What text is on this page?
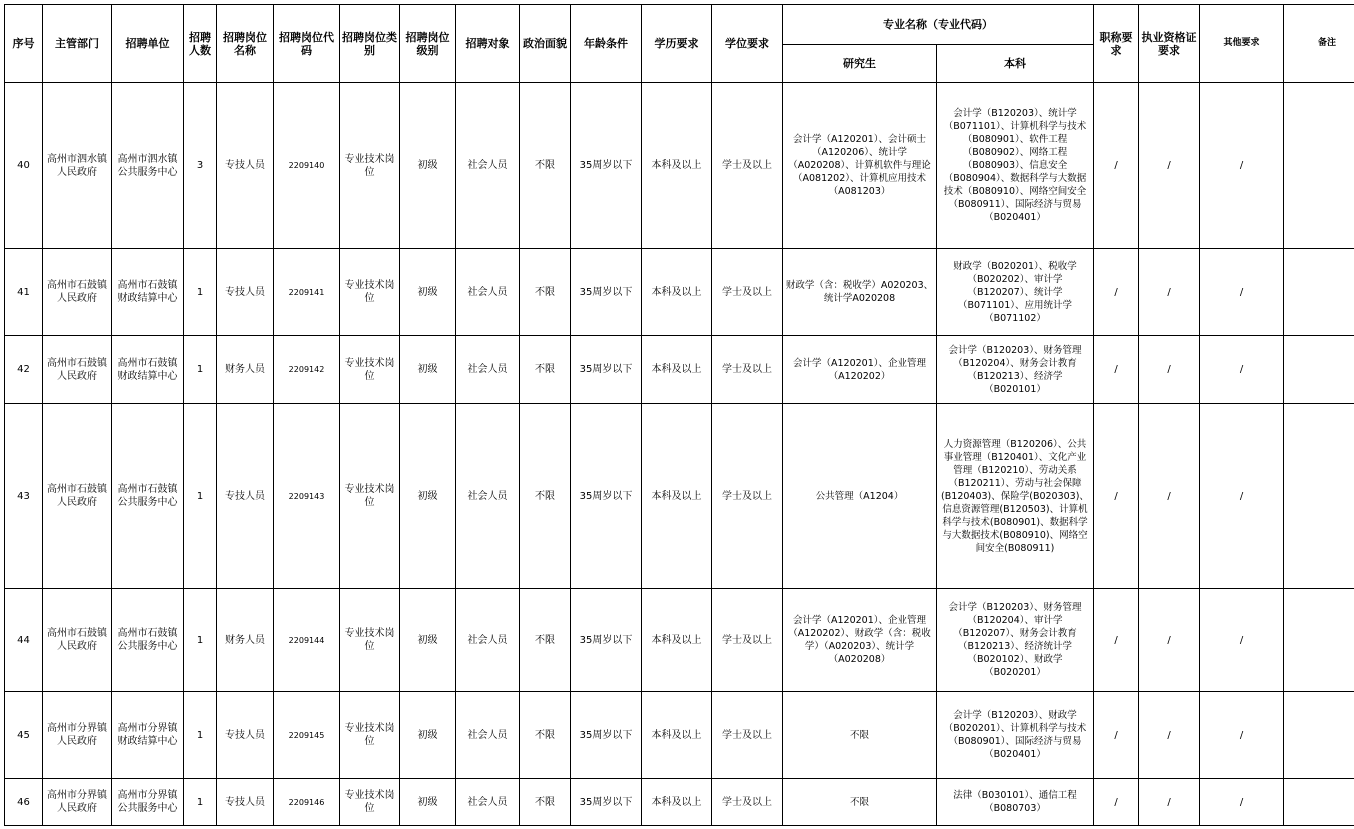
序号	主管部门	招聘单位	招聘人数	招聘岗位名称	招聘岗位代码	招聘岗位类别	招聘岗位级别	招聘对象	政治面貌	年龄条件	学历要求	学位要求	专业名称（专业代码）		职称要求	执业资格证要求	其他要求	备注
													研究生	本科				
40	高州市泗水镇人民政府	高州市泗水镇公共服务中心	3	专技人员	2209140	专业技术岗位	初级	社会人员	不限	35周岁以下	本科及以上	学士及以上	会计学（A120201）、会计硕士（A120206）、统计学（A020208）、计算机软件与理论（A081202）、计算机应用技术（A081203）	会计学（B120203）、统计学（B071101）、计算机科学与技术（B080901）、软件工程（B080902）、网络工程（B080903）、信息安全（B080904）、数据科学与大数据技术（B080910）、网络空间安全（B080911）、国际经济与贸易（B020401）	/	/	/	
41	高州市石鼓镇人民政府	高州市石鼓镇财政结算中心	1	专技人员	2209141	专业技术岗位	初级	社会人员	不限	35周岁以下	本科及以上	学士及以上	财政学（含：税收学）A020203、统计学A020208	财政学（B020201）、税收学（B020202）、审计学（B120207）、统计学（B071101）、应用统计学（B071102）	/	/	/	
42	高州市石鼓镇人民政府	高州市石鼓镇财政结算中心	1	财务人员	2209142	专业技术岗位	初级	社会人员	不限	35周岁以下	本科及以上	学士及以上	会计学（A120201）、企业管理（A120202）	会计学（B120203）、财务管理（B120204）、财务会计教育（B120213）、经济学（B020101）	/	/	/	
43	高州市石鼓镇人民政府	高州市石鼓镇公共服务中心	1	专技人员	2209143	专业技术岗位	初级	社会人员	不限	35周岁以下	本科及以上	学士及以上	公共管理（A1204）	人力资源管理（B120206）、公共事业管理（B120401）、文化产业管理（B120210）、劳动关系（B120211）、劳动与社会保障(B120403)、保险学(B020303)、信息资源管理(B120503)、计算机科学与技术(B080901)、数据科学与大数据技术(B080910)、网络空间安全(B080911)	/	/	/	
44	高州市石鼓镇人民政府	高州市石鼓镇公共服务中心	1	财务人员	2209144	专业技术岗位	初级	社会人员	不限	35周岁以下	本科及以上	学士及以上	会计学（A120201）、企业管理（A120202）、财政学（含：税收学）（A020203）、统计学（A020208）	会计学（B120203）、财务管理（B120204）、审计学（B120207）、财务会计教育（B120213）、经济统计学（B020102）、财政学（B020201）	/	/	/	
45	高州市分界镇人民政府	高州市分界镇财政结算中心	1	专技人员	2209145	专业技术岗位	初级	社会人员	不限	35周岁以下	本科及以上	学士及以上	不限	会计学（B120203）、财政学（B020201）、计算机科学与技术（B080901）、国际经济与贸易（B020401）	/	/	/	
46	高州市分界镇人民政府	高州市分界镇公共服务中心	1	专技人员	2209146	专业技术岗位	初级	社会人员	不限	35周岁以下	本科及以上	学士及以上	不限	法律（B030101）、通信工程（B080703）	/	/	/	
